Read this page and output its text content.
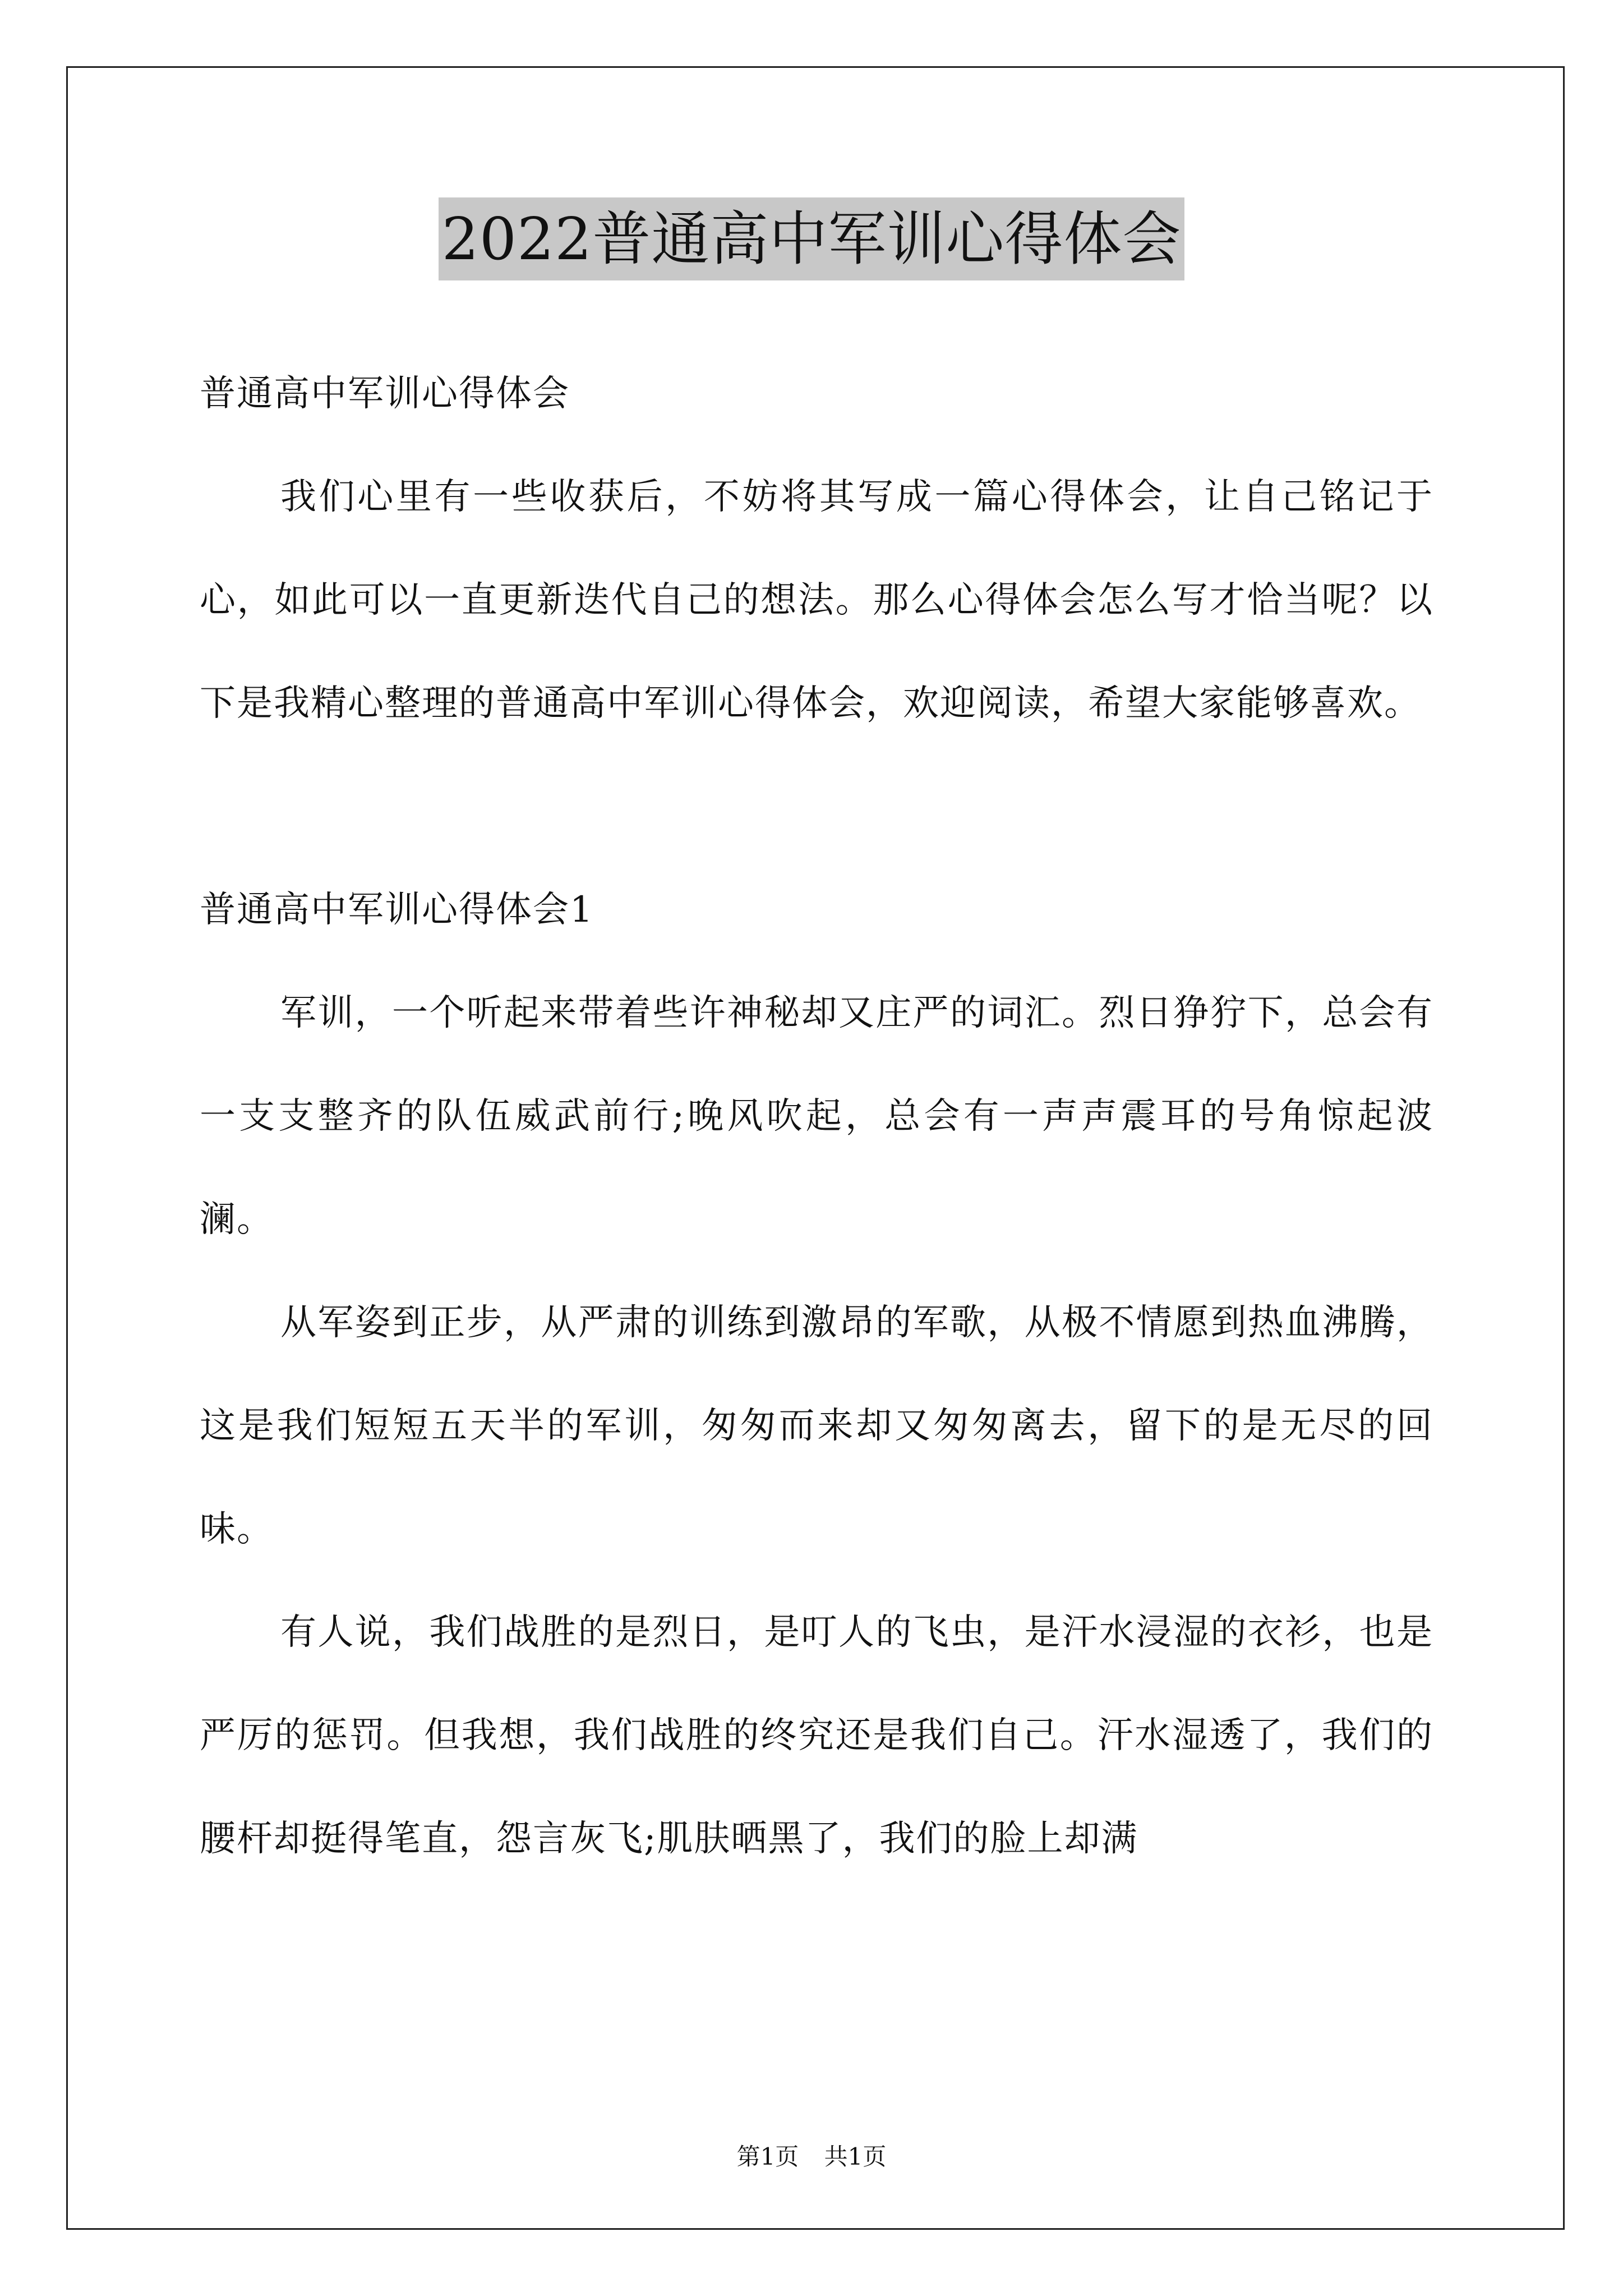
2022普通高中军训心得体会

普通高中军训心得体会

我们心里有一些收获后，不妨将其写成一篇心得体会，让自己铭记于心，如此可以一直更新迭代自己的想法。那么心得体会怎么写才恰当呢？以下是我精心整理的普通高中军训心得体会，欢迎阅读，希望大家能够喜欢。

普通高中军训心得体会1

军训，一个听起来带着些许神秘却又庄严的词汇。烈日狰狞下，总会有一支支整齐的队伍威武前行;晚风吹起，总会有一声声震耳的号角惊起波澜。

从军姿到正步，从严肃的训练到激昂的军歌，从极不情愿到热血沸腾，这是我们短短五天半的军训，匆匆而来却又匆匆离去，留下的是无尽的回味。

有人说，我们战胜的是烈日，是叮人的飞虫，是汗水浸湿的衣衫，也是严厉的惩罚。但我想，我们战胜的终究还是我们自己。汗水湿透了，我们的腰杆却挺得笔直，怨言灰飞;肌肤晒黑了，我们的脸上却满

第1页 共1页
